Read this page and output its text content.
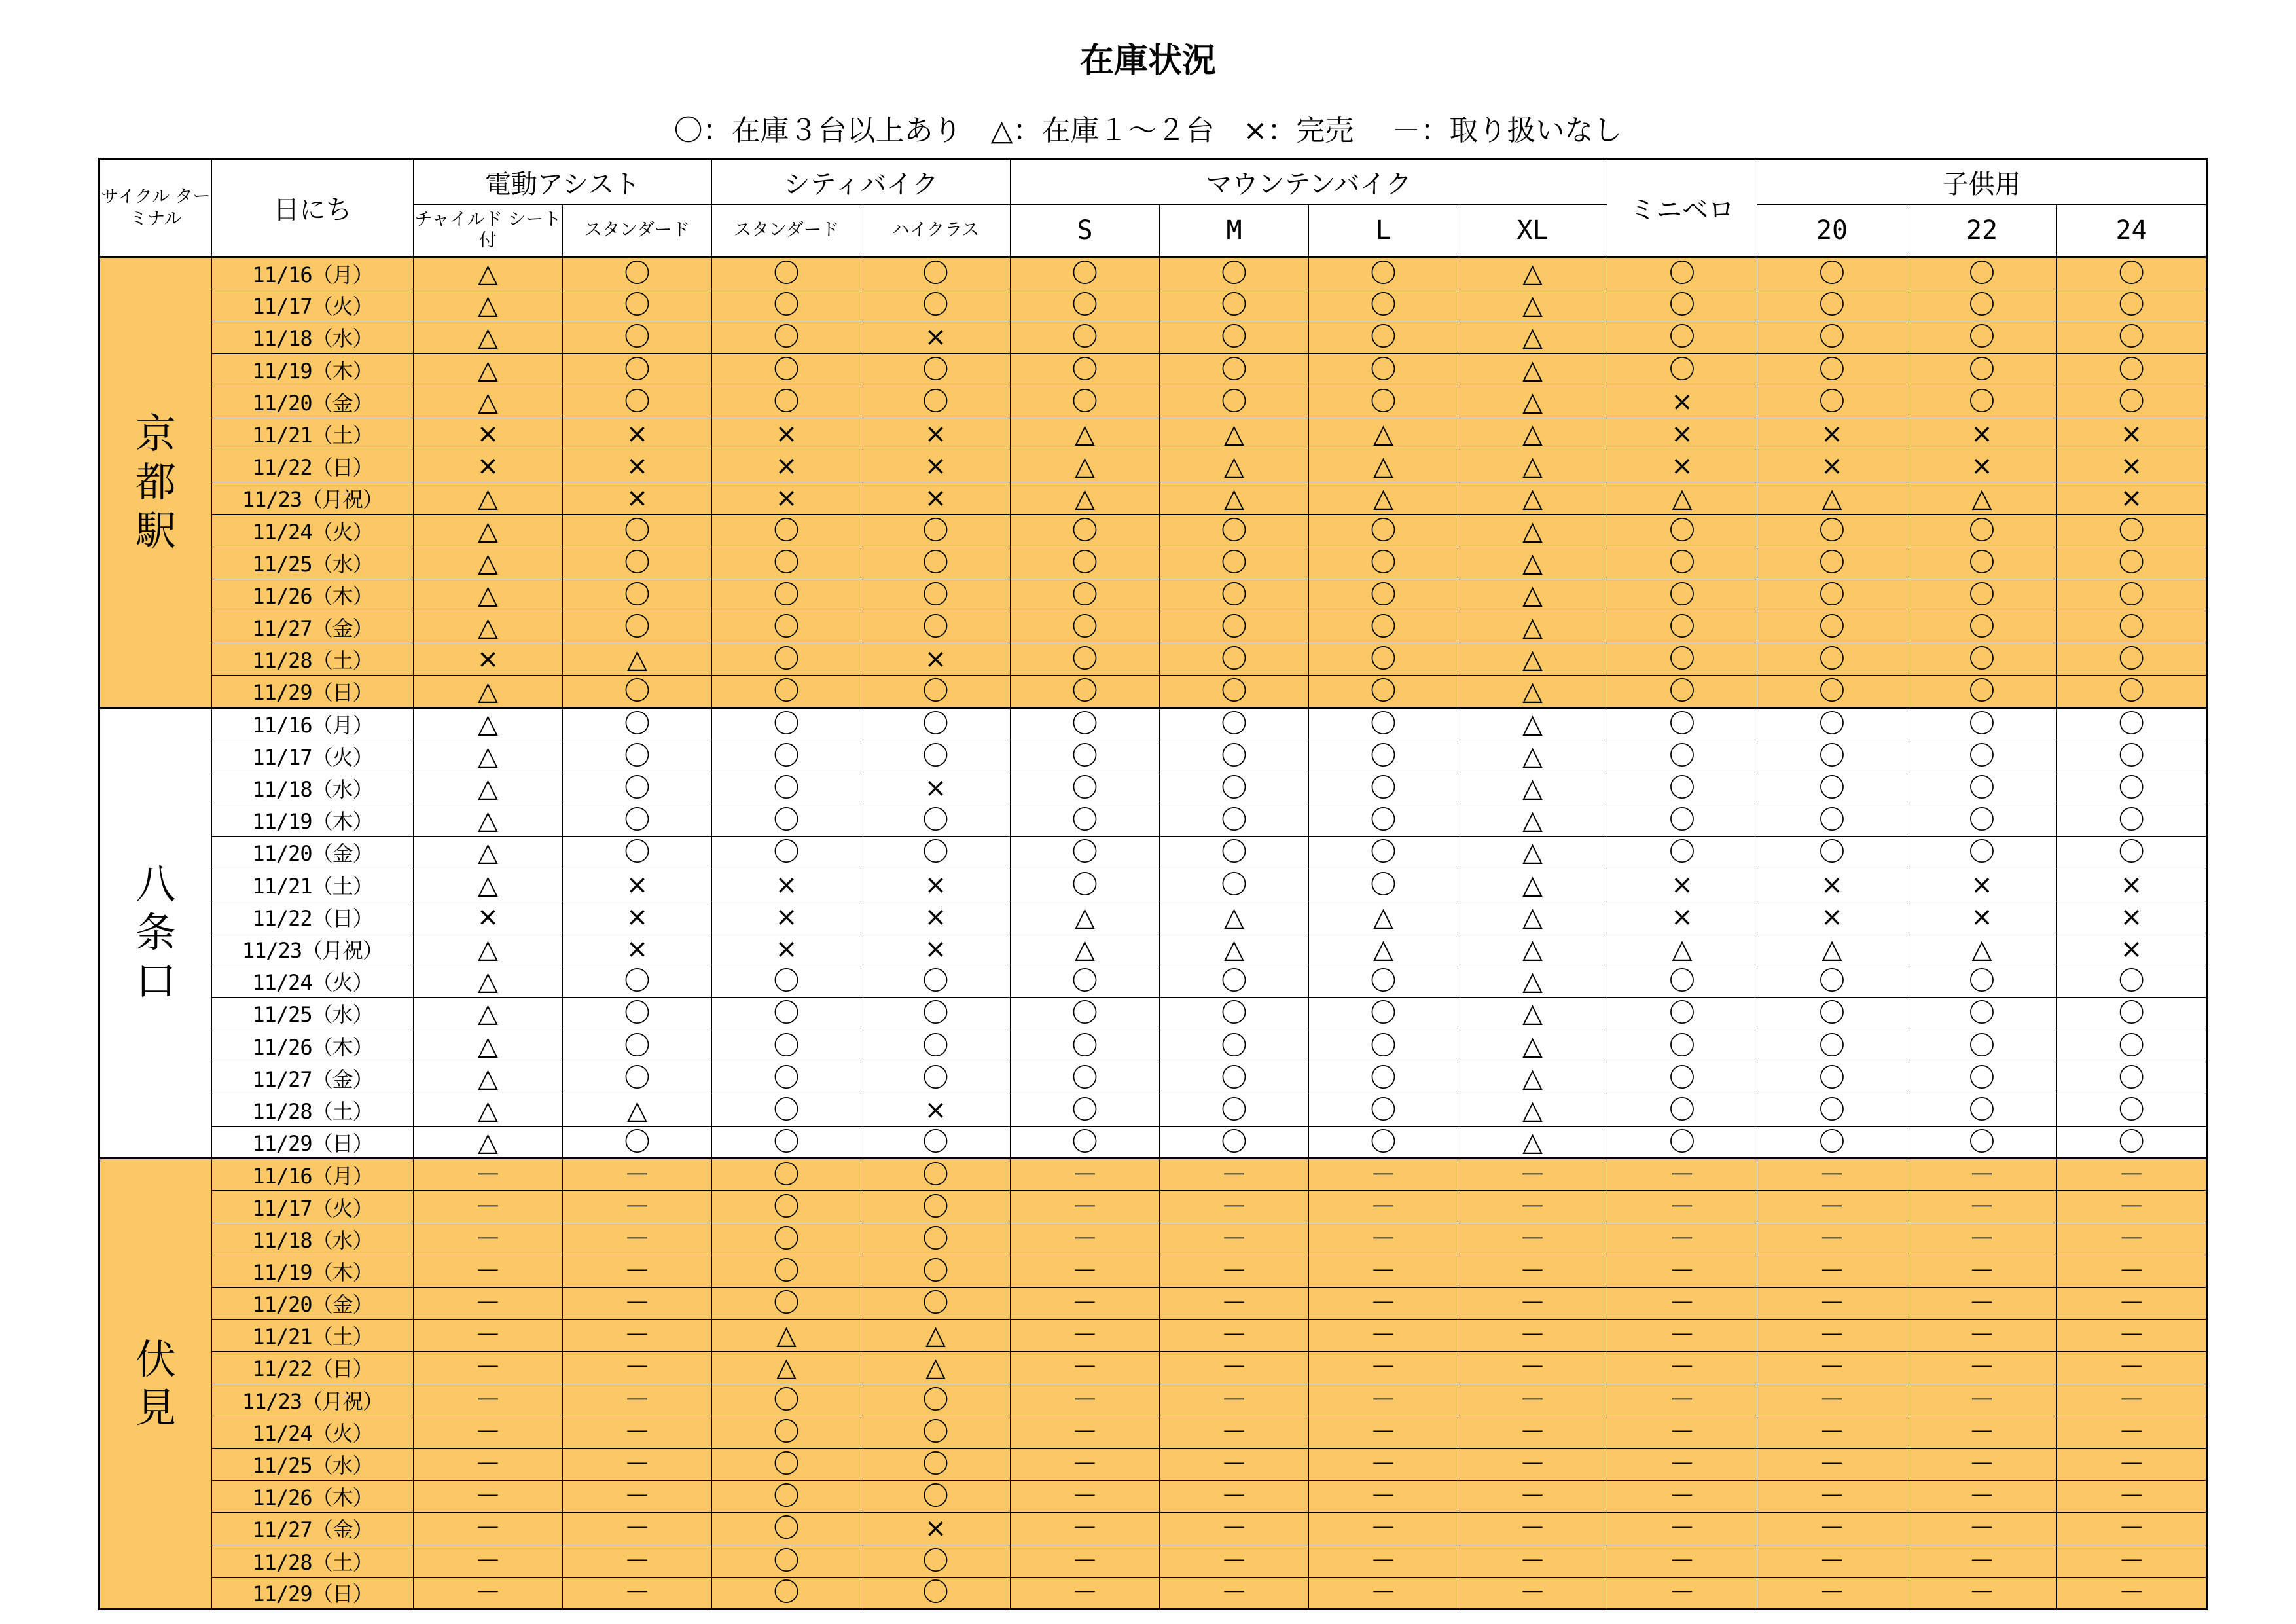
在庫状況
〇：在庫３台以上あり　△：在庫１～２台　×：完売　 －：取り扱いなし
サイクル ターミナル	日にち	電動アシスト		シティバイク		マウンテンバイク				ミニベロ	子供用		
		チャイルド シート付	スタンダード	スタンダード	ハイクラス	S	M	L	XL		20	22	24

京都駅	11/16（月）	△	〇	〇	〇	〇	〇	〇	△	〇	〇	〇	〇
	11/17（火）	△	〇	〇	〇	〇	〇	〇	△	〇	〇	〇	〇
	11/18（水）	△	〇	〇	×	〇	〇	〇	△	〇	〇	〇	〇
	11/19（木）	△	〇	〇	〇	〇	〇	〇	△	〇	〇	〇	〇
	11/20（金）	△	〇	〇	〇	〇	〇	〇	△	×	〇	〇	〇
	11/21（土）	×	×	×	×	△	△	△	△	×	×	×	×
	11/22（日）	×	×	×	×	△	△	△	△	×	×	×	×
	11/23（月祝）	△	×	×	×	△	△	△	△	△	△	△	×
	11/24（火）	△	〇	〇	〇	〇	〇	〇	△	〇	〇	〇	〇
	11/25（水）	△	〇	〇	〇	〇	〇	〇	△	〇	〇	〇	〇
	11/26（木）	△	〇	〇	〇	〇	〇	〇	△	〇	〇	〇	〇
	11/27（金）	△	〇	〇	〇	〇	〇	〇	△	〇	〇	〇	〇
	11/28（土）	×	△	〇	×	〇	〇	〇	△	〇	〇	〇	〇
	11/29（日）	△	〇	〇	〇	〇	〇	〇	△	〇	〇	〇	〇

八条口	11/16（月）	△	〇	〇	〇	〇	〇	〇	△	〇	〇	〇	〇
	11/17（火）	△	〇	〇	〇	〇	〇	〇	△	〇	〇	〇	〇
	11/18（水）	△	〇	〇	×	〇	〇	〇	△	〇	〇	〇	〇
	11/19（木）	△	〇	〇	〇	〇	〇	〇	△	〇	〇	〇	〇
	11/20（金）	△	〇	〇	〇	〇	〇	〇	△	〇	〇	〇	〇
	11/21（土）	△	×	×	×	〇	〇	〇	△	×	×	×	×
	11/22（日）	×	×	×	×	△	△	△	△	×	×	×	×
	11/23（月祝）	△	×	×	×	△	△	△	△	△	△	△	×
	11/24（火）	△	〇	〇	〇	〇	〇	〇	△	〇	〇	〇	〇
	11/25（水）	△	〇	〇	〇	〇	〇	〇	△	〇	〇	〇	〇
	11/26（木）	△	〇	〇	〇	〇	〇	〇	△	〇	〇	〇	〇
	11/27（金）	△	〇	〇	〇	〇	〇	〇	△	〇	〇	〇	〇
	11/28（土）	△	△	〇	×	〇	〇	〇	△	〇	〇	〇	〇
	11/29（日）	△	〇	〇	〇	〇	〇	〇	△	〇	〇	〇	〇

伏見	11/16（月）	－	－	〇	〇	－	－	－	－	－	－	－	－
	11/17（火）	－	－	〇	〇	－	－	－	－	－	－	－	－
	11/18（水）	－	－	〇	〇	－	－	－	－	－	－	－	－
	11/19（木）	－	－	〇	〇	－	－	－	－	－	－	－	－
	11/20（金）	－	－	〇	〇	－	－	－	－	－	－	－	－
	11/21（土）	－	－	△	△	－	－	－	－	－	－	－	－
	11/22（日）	－	－	△	△	－	－	－	－	－	－	－	－
	11/23（月祝）	－	－	〇	〇	－	－	－	－	－	－	－	－
	11/24（火）	－	－	〇	〇	－	－	－	－	－	－	－	－
	11/25（水）	－	－	〇	〇	－	－	－	－	－	－	－	－
	11/26（木）	－	－	〇	〇	－	－	－	－	－	－	－	－
	11/27（金）	－	－	〇	×	－	－	－	－	－	－	－	－
	11/28（土）	－	－	〇	〇	－	－	－	－	－	－	－	－
	11/29（日）	－	－	〇	〇	－	－	－	－	－	－	－	－
